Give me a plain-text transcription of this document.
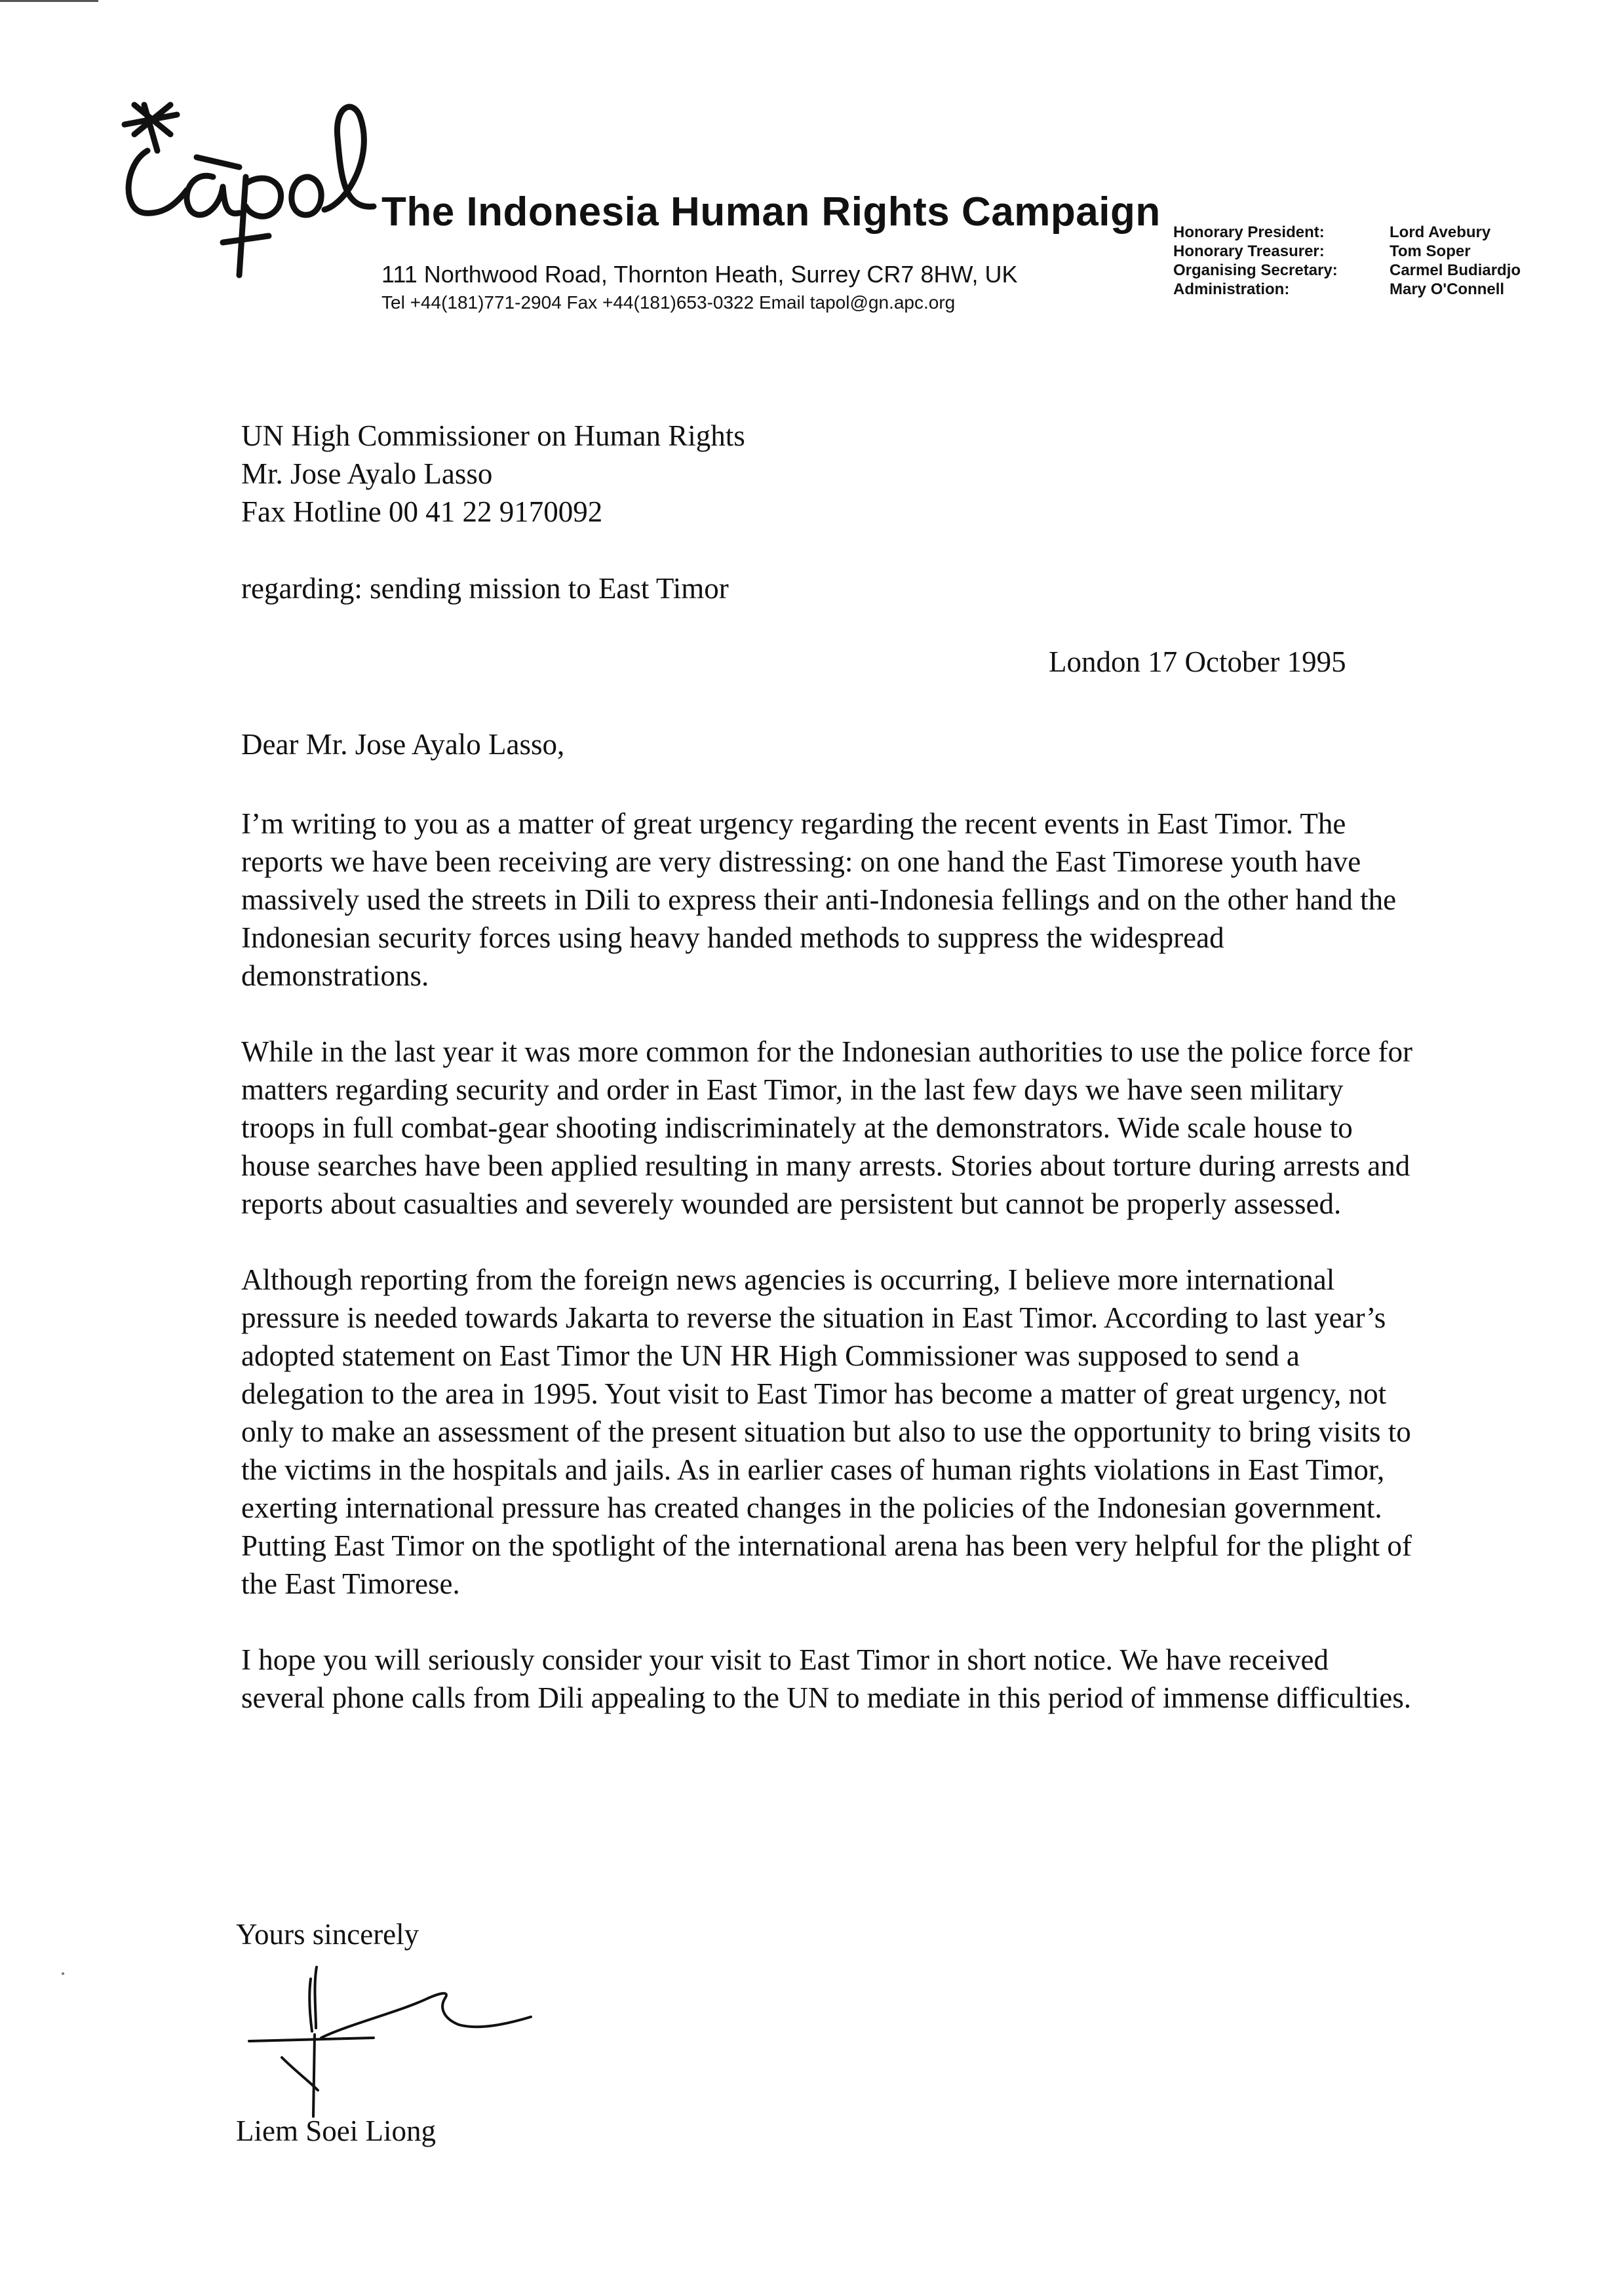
The Indonesia Human Rights Campaign
111 Northwood Road, Thornton Heath, Surrey CR7 8HW, UK
Tel +44(181)771-2904 Fax +44(181)653-0322 Email tapol@gn.apc.org
Honorary President:	Lord Avebury
Honorary Treasurer:	Tom Soper
Organising Secretary:	Carmel Budiardjo
Administration:	Mary O'Connell
UN High Commissioner on Human Rights
Mr. Jose Ayalo Lasso
Fax Hotline 00 41 22 9170092
regarding: sending mission to East Timor
London 17 October 1995
Dear Mr. Jose Ayalo Lasso,

I’m writing to you as a matter of great urgency regarding the recent events in East Timor. The reports we have been receiving are very distressing: on one hand the East Timorese youth have massively used the streets in Dili to express their anti-Indonesia fellings and on the other hand the Indonesian security forces using heavy handed methods to suppress the widespread demonstrations.

While in the last year it was more common for the Indonesian authorities to use the police force for matters regarding security and order in East Timor, in the last few days we have seen military troops in full combat-gear shooting indiscriminately at the demonstrators. Wide scale house to house searches have been applied resulting in many arrests. Stories about torture during arrests and reports about casualties and severely wounded are persistent but cannot be properly assessed.

Although reporting from the foreign news agencies is occurring, I believe more international pressure is needed towards Jakarta to reverse the situation in East Timor. According to last year’s adopted statement on East Timor the UN HR High Commissioner was supposed to send a delegation to the area in 1995. Yout visit to East Timor has become a matter of great urgency, not only to make an assessment of the present situation but also to use the opportunity to bring visits to the victims in the hospitals and jails. As in earlier cases of human rights violations in East Timor, exerting international pressure has created changes in the policies of the Indonesian government. Putting East Timor on the spotlight of the international arena has been very helpful for the plight of the East Timorese.

I hope you will seriously consider your visit to East Timor in short notice. We have received several phone calls from Dili appealing to the UN to mediate in this period of immense difficulties.

Yours sincerely
Liem Soei Liong
